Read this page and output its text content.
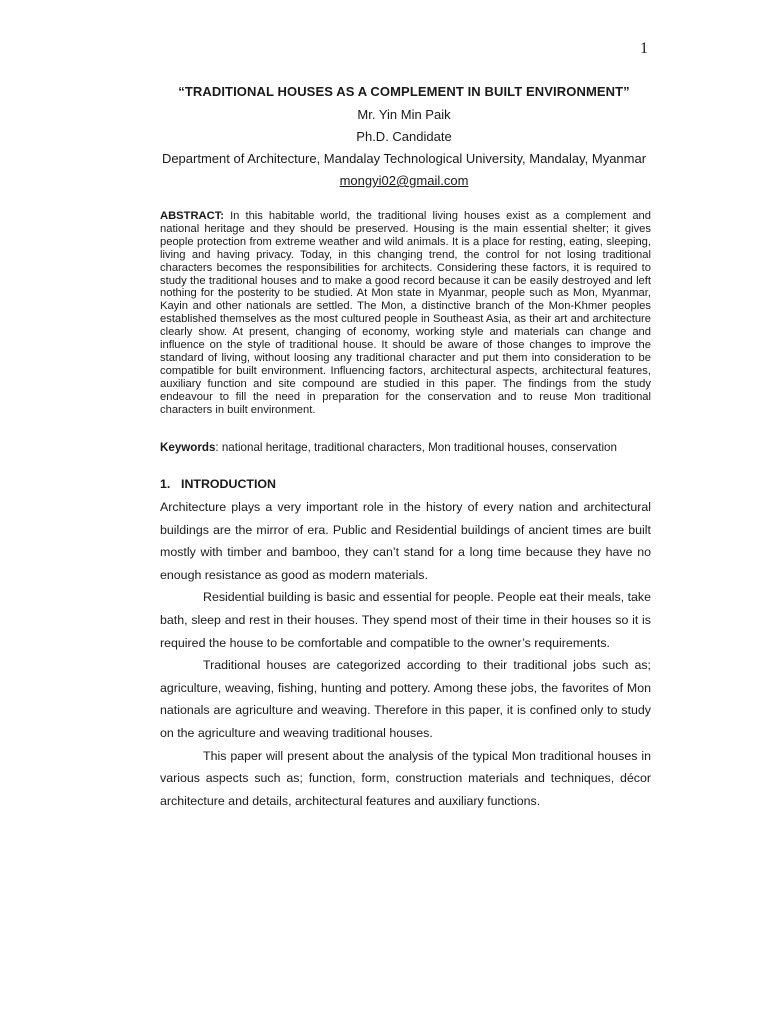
1
“TRADITIONAL HOUSES AS A COMPLEMENT IN BUILT ENVIRONMENT”
Mr. Yin Min Paik
Ph.D. Candidate
Department of Architecture, Mandalay Technological University, Mandalay, Myanmar
mongyi02@gmail.com
ABSTRACT: In this habitable world, the traditional living houses exist as a complement and national heritage and they should be preserved. Housing is the main essential shelter; it gives people protection from extreme weather and wild animals. It is a place for resting, eating, sleeping, living and having privacy. Today, in this changing trend, the control for not losing traditional characters becomes the responsibilities for architects. Considering these factors, it is required to study the traditional houses and to make a good record because it can be easily destroyed and left nothing for the posterity to be studied. At Mon state in Myanmar, people such as Mon, Myanmar, Kayin and other nationals are settled. The Mon, a distinctive branch of the Mon-Khmer peoples established themselves as the most cultured people in Southeast Asia, as their art and architecture clearly show. At present, changing of economy, working style and materials can change and influence on the style of traditional house. It should be aware of those changes to improve the standard of living, without loosing any traditional character and put them into consideration to be compatible for built environment. Influencing factors, architectural aspects, architectural features, auxiliary function and site compound are studied in this paper. The findings from the study endeavour to fill the need in preparation for the conservation and to reuse Mon traditional characters in built environment.
Keywords: national heritage, traditional characters, Mon traditional houses, conservation
1. INTRODUCTION

Architecture plays a very important role in the history of every nation and architectural buildings are the mirror of era. Public and Residential buildings of ancient times are built mostly with timber and bamboo, they can’t stand for a long time because they have no enough resistance as good as modern materials.

Residential building is basic and essential for people. People eat their meals, take bath, sleep and rest in their houses. They spend most of their time in their houses so it is required the house to be comfortable and compatible to the owner’s requirements.

Traditional houses are categorized according to their traditional jobs such as; agriculture, weaving, fishing, hunting and pottery. Among these jobs, the favorites of Mon nationals are agriculture and weaving. Therefore in this paper, it is confined only to study on the agriculture and weaving traditional houses.

This paper will present about the analysis of the typical Mon traditional houses in various aspects such as; function, form, construction materials and techniques, décor architecture and details, architectural features and auxiliary functions.
